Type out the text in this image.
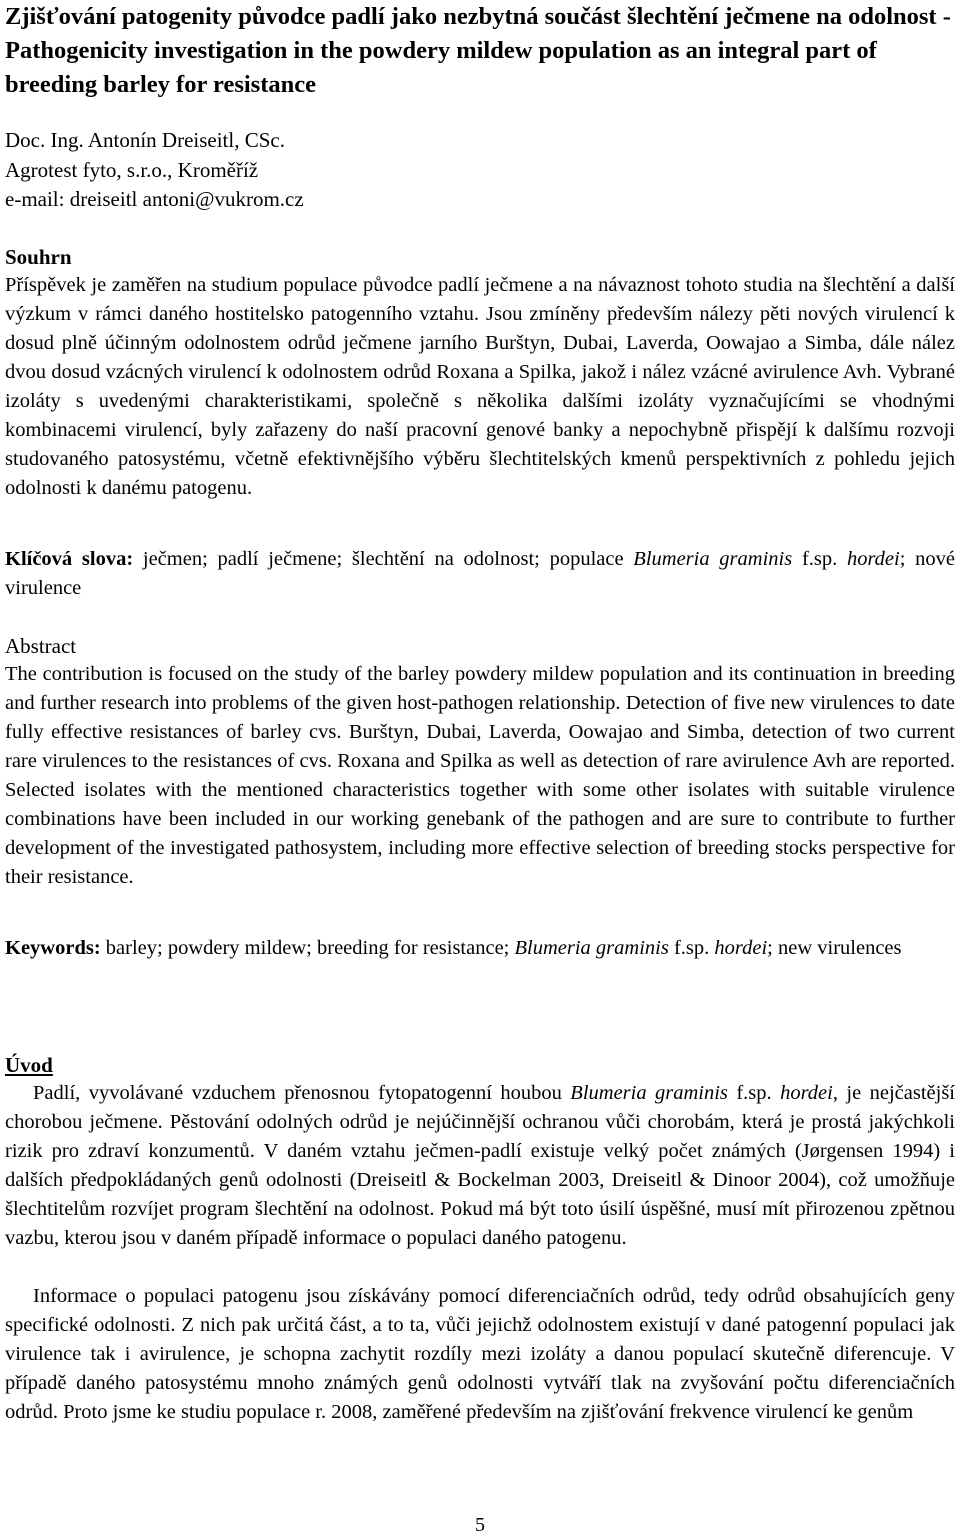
Zjišťování patogenity původce padlí jako nezbytná součást šlechtění ječmene na odolnost - Pathogenicity investigation in the powdery mildew population as an integral part of breeding barley for resistance
Doc. Ing. Antonín Dreiseitl, CSc.
Agrotest fyto, s.r.o., Kroměříž
e-mail: dreiseitl antoni@vukrom.cz
Souhrn

Příspěvek je zaměřen na studium populace původce padlí ječmene a na návaznost tohoto studia na šlechtění a další výzkum v rámci daného hostitelsko patogenního vztahu. Jsou zmíněny především nálezy pěti nových virulencí k dosud plně účinným odolnostem odrůd ječmene jarního Burštyn, Dubai, Laverda, Oowajao a Simba, dále nález dvou dosud vzácných virulencí k odolnostem odrůd Roxana a Spilka, jakož i nález vzácné avirulence Avh. Vybrané izoláty s uvedenými charakteristikami, společně s několika dalšími izoláty vyznačujícími se vhodnými kombinacemi virulencí, byly zařazeny do naší pracovní genové banky a nepochybně přispějí k dalšímu rozvoji studovaného patosystému, včetně efektivnějšího výběru šlechtitelských kmenů perspektivních z pohledu jejich odolnosti k danému patogenu.

Klíčová slova: ječmen; padlí ječmene; šlechtění na odolnost; populace Blumeria graminis f.sp. hordei; nové virulence

Abstract

The contribution is focused on the study of the barley powdery mildew population and its continuation in breeding and further research into problems of the given host-pathogen relationship. Detection of five new virulences to date fully effective resistances of barley cvs. Burštyn, Dubai, Laverda, Oowajao and Simba, detection of two current rare virulences to the resistances of cvs. Roxana and Spilka as well as detection of rare avirulence Avh are reported. Selected isolates with the mentioned characteristics together with some other isolates with suitable virulence combinations have been included in our working genebank of the pathogen and are sure to contribute to further development of the investigated pathosystem, including more effective selection of breeding stocks perspective for their resistance.

Keywords: barley; powdery mildew; breeding for resistance; Blumeria graminis f.sp. hordei; new virulences

Úvod

Padlí, vyvolávané vzduchem přenosnou fytopatogenní houbou Blumeria graminis f.sp. hordei, je nejčastější chorobou ječmene. Pěstování odolných odrůd je nejúčinnější ochranou vůči chorobám, která je prostá jakýchkoli rizik pro zdraví konzumentů. V daném vztahu ječmen-padlí existuje velký počet známých (Jørgensen 1994) i dalších předpokládaných genů odolnosti (Dreiseitl & Bockelman 2003, Dreiseitl & Dinoor 2004), což umožňuje šlechtitelům rozvíjet program šlechtění na odolnost. Pokud má být toto úsilí úspěšné, musí mít přirozenou zpětnou vazbu, kterou jsou v daném případě informace o populaci daného patogenu.

Informace o populaci patogenu jsou získávány pomocí diferenciačních odrůd, tedy odrůd obsahujících geny specifické odolnosti. Z nich pak určitá část, a to ta, vůči jejichž odolnostem existují v dané patogenní populaci jak virulence tak i avirulence, je schopna zachytit rozdíly mezi izoláty a danou populací skutečně diferencuje. V případě daného patosystému mnoho známých genů odolnosti vytváří tlak na zvyšování počtu diferenciačních odrůd. Proto jsme ke studiu populace r. 2008, zaměřené především na zjišťování frekvence virulencí ke genům

5
